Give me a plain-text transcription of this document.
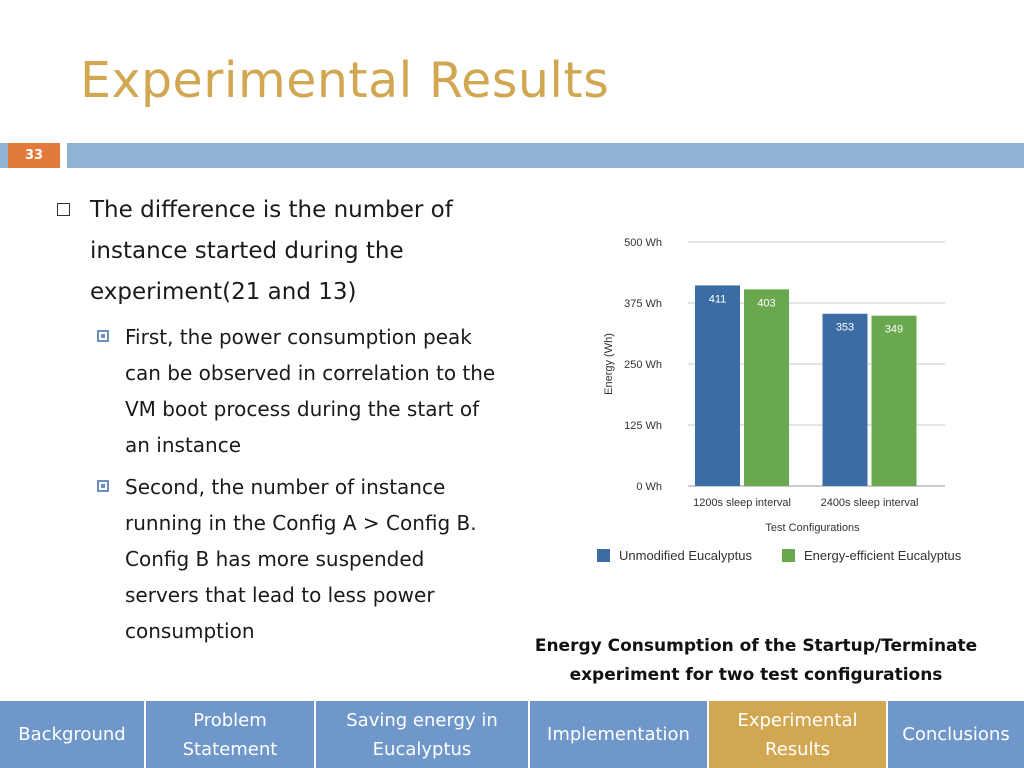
Experimental Results
33
The difference is the number of instance started during the experiment(21 and 13)
First, the power consumption peak can be observed in correlation to the VM boot process during the start of an instance
Second, the number of instance running in the Config A > Config B. Config B has more suspended servers that lead to less power consumption
0 Wh
125 Wh
250 Wh
375 Wh
500 Wh
Energy (Wh)
411	403
1200s sleep interval
353	349
2400s sleep interval
Test Configurations
Unmodified Eucalyptus	Energy-efficient Eucalyptus
Energy Consumption of the Startup/Terminate
experiment for two test configurations
Background
Problem Statement
Saving energy in Eucalyptus
Implementation
Experimental Results
Conclusions
